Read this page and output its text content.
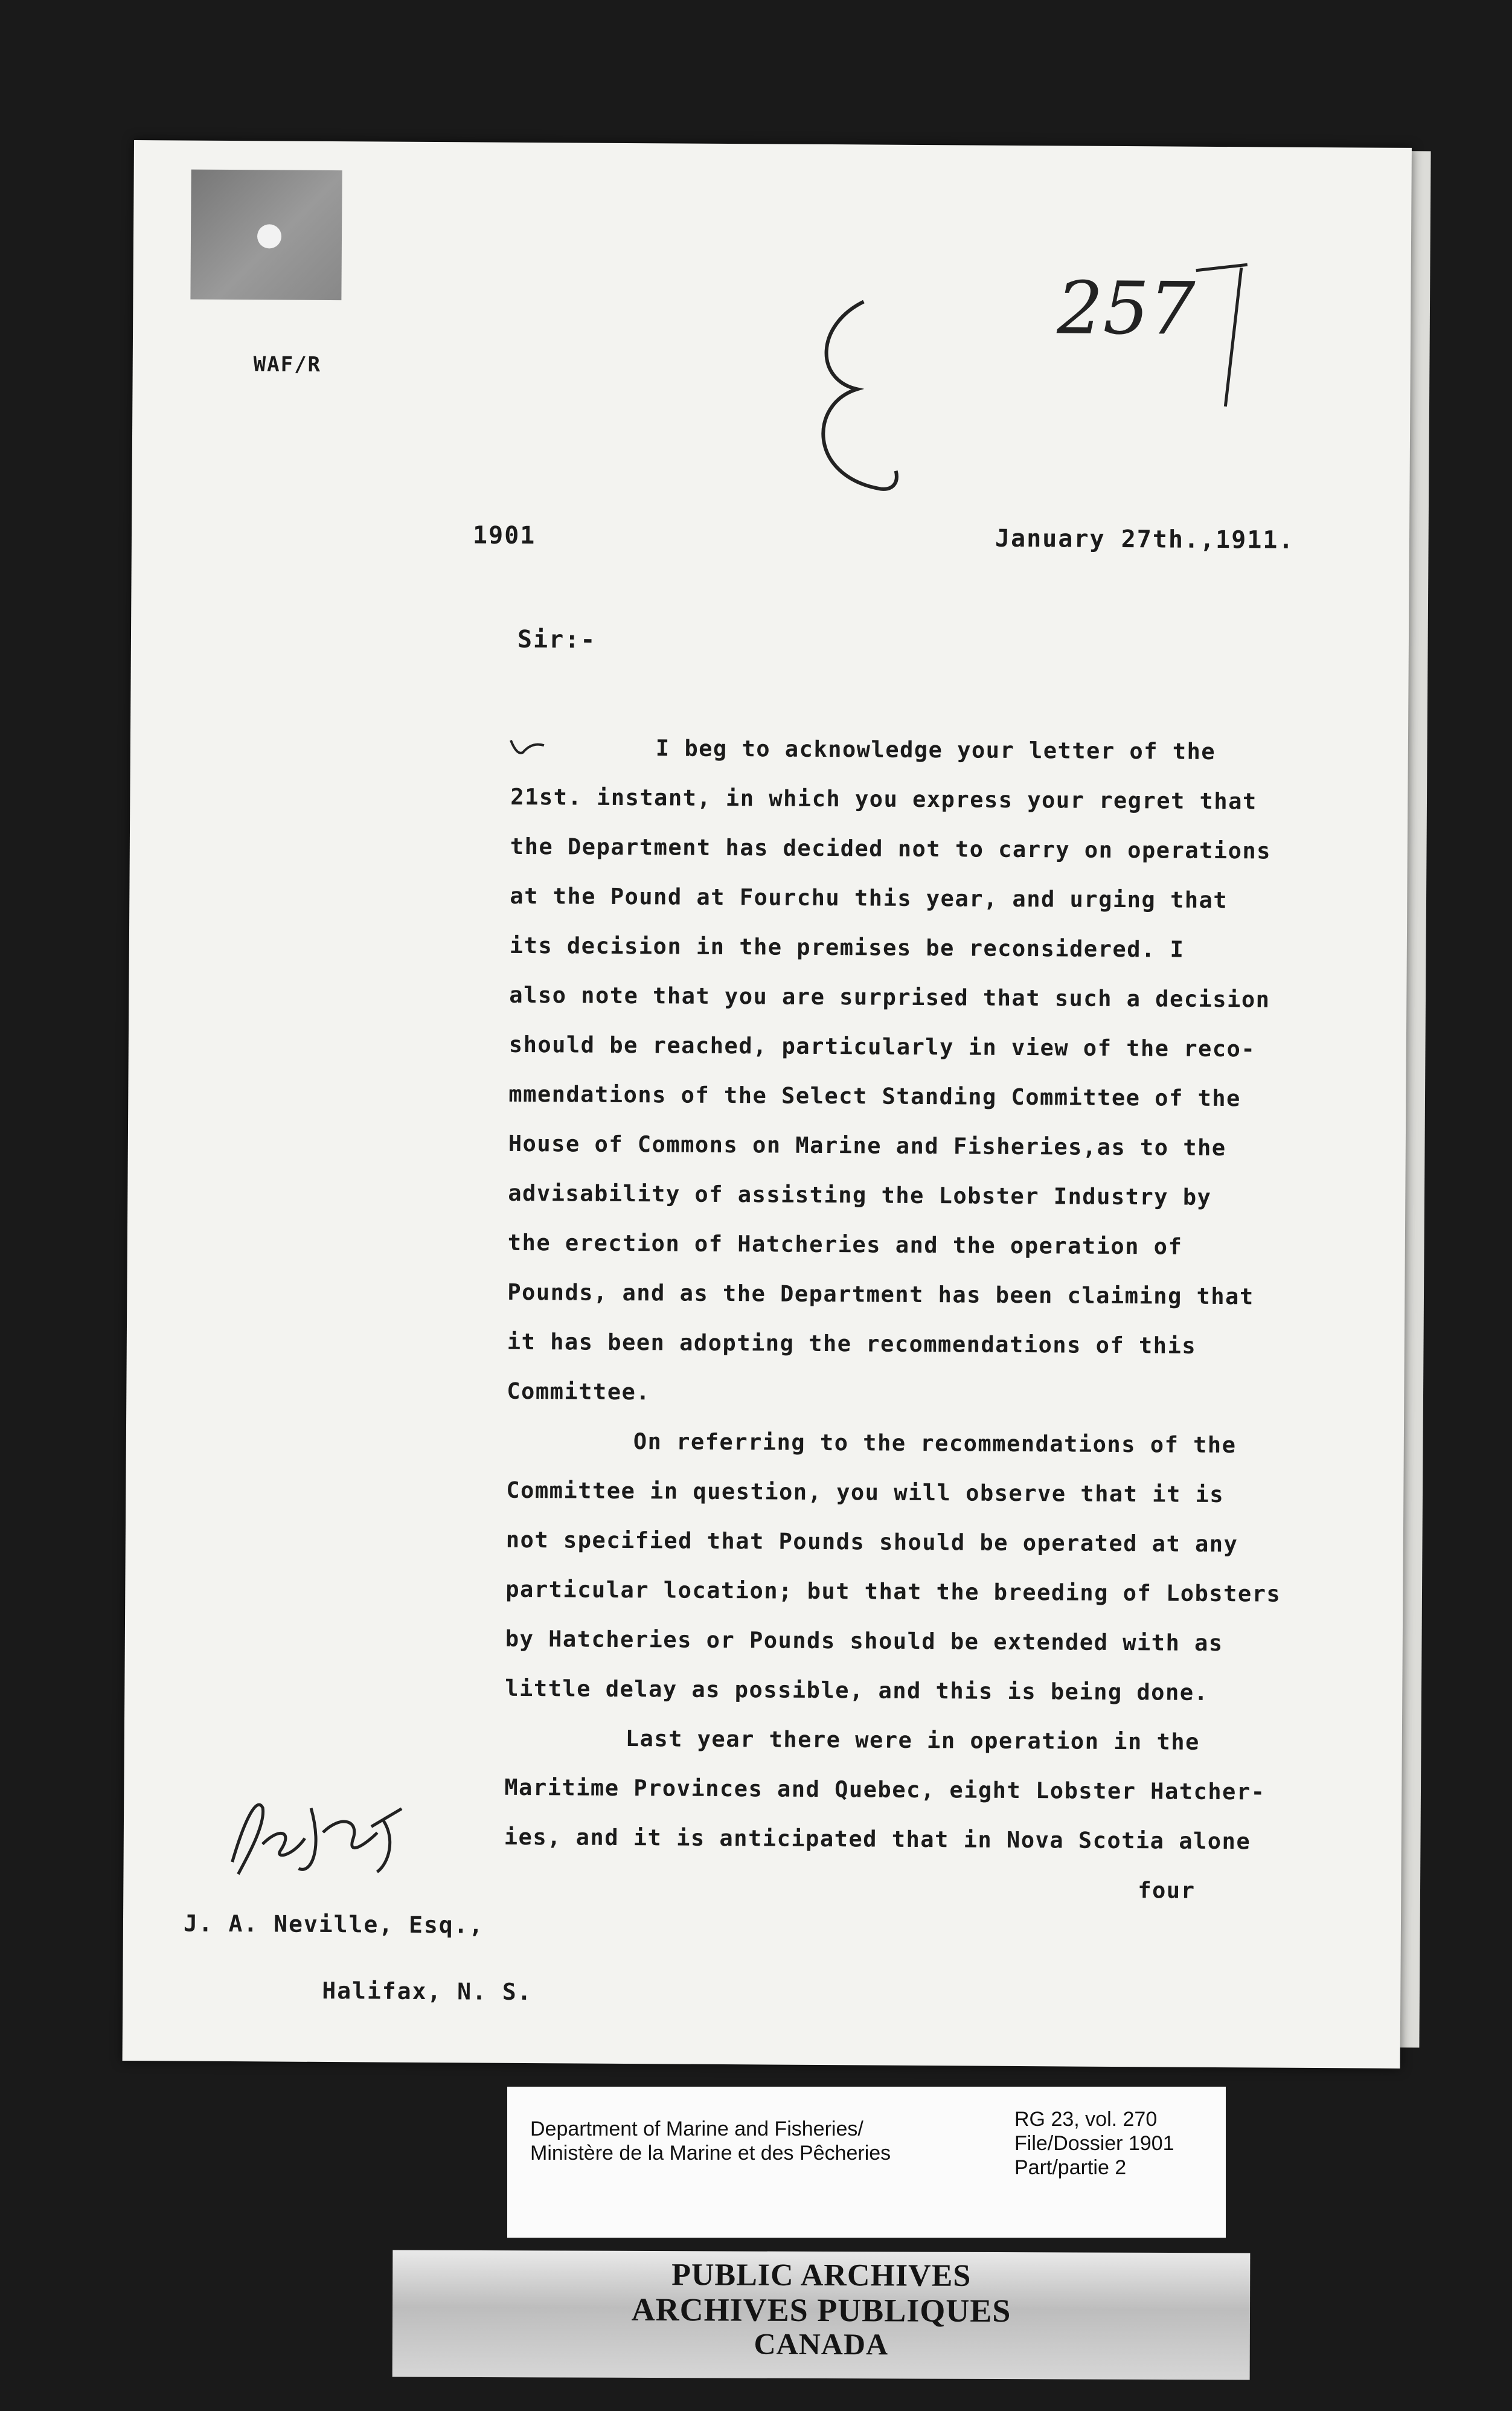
WAF/R
257
1901	January 27th.,1911.
Sir:-
I beg to acknowledge your letter of the
21st. instant, in which you express your regret that
the Department has decided not to carry on operations
at the Pound at Fourchu this year, and urging that
its decision in the premises be reconsidered. I
also note that you are surprised that such a decision
should be reached, particularly in view of the reco-
mmendations of the Select Standing Committee of the
House of Commons on Marine and Fisheries,as to the
advisability of assisting the Lobster Industry by
the erection of Hatcheries and the operation of
Pounds, and as the Department has been claiming that
it has been adopting the recommendations of this
Committee.
On referring to the recommendations of the
Committee in question, you will observe that it is
not specified that Pounds should be operated at any
particular location; but that the breeding of Lobsters
by Hatcheries or Pounds should be extended with as
little delay as possible, and this is being done.
Last year there were in operation in the
Maritime Provinces and Quebec, eight Lobster Hatcher-
ies, and it is anticipated that in Nova Scotia alone
four
J. A. Neville, Esq.,
Halifax, N. S.
Department of Marine and Fisheries/
Ministère de la Marine et des Pêcheries
RG 23, vol. 270
File/Dossier 1901
Part/partie 2
PUBLIC ARCHIVES
ARCHIVES PUBLIQUES
CANADA
